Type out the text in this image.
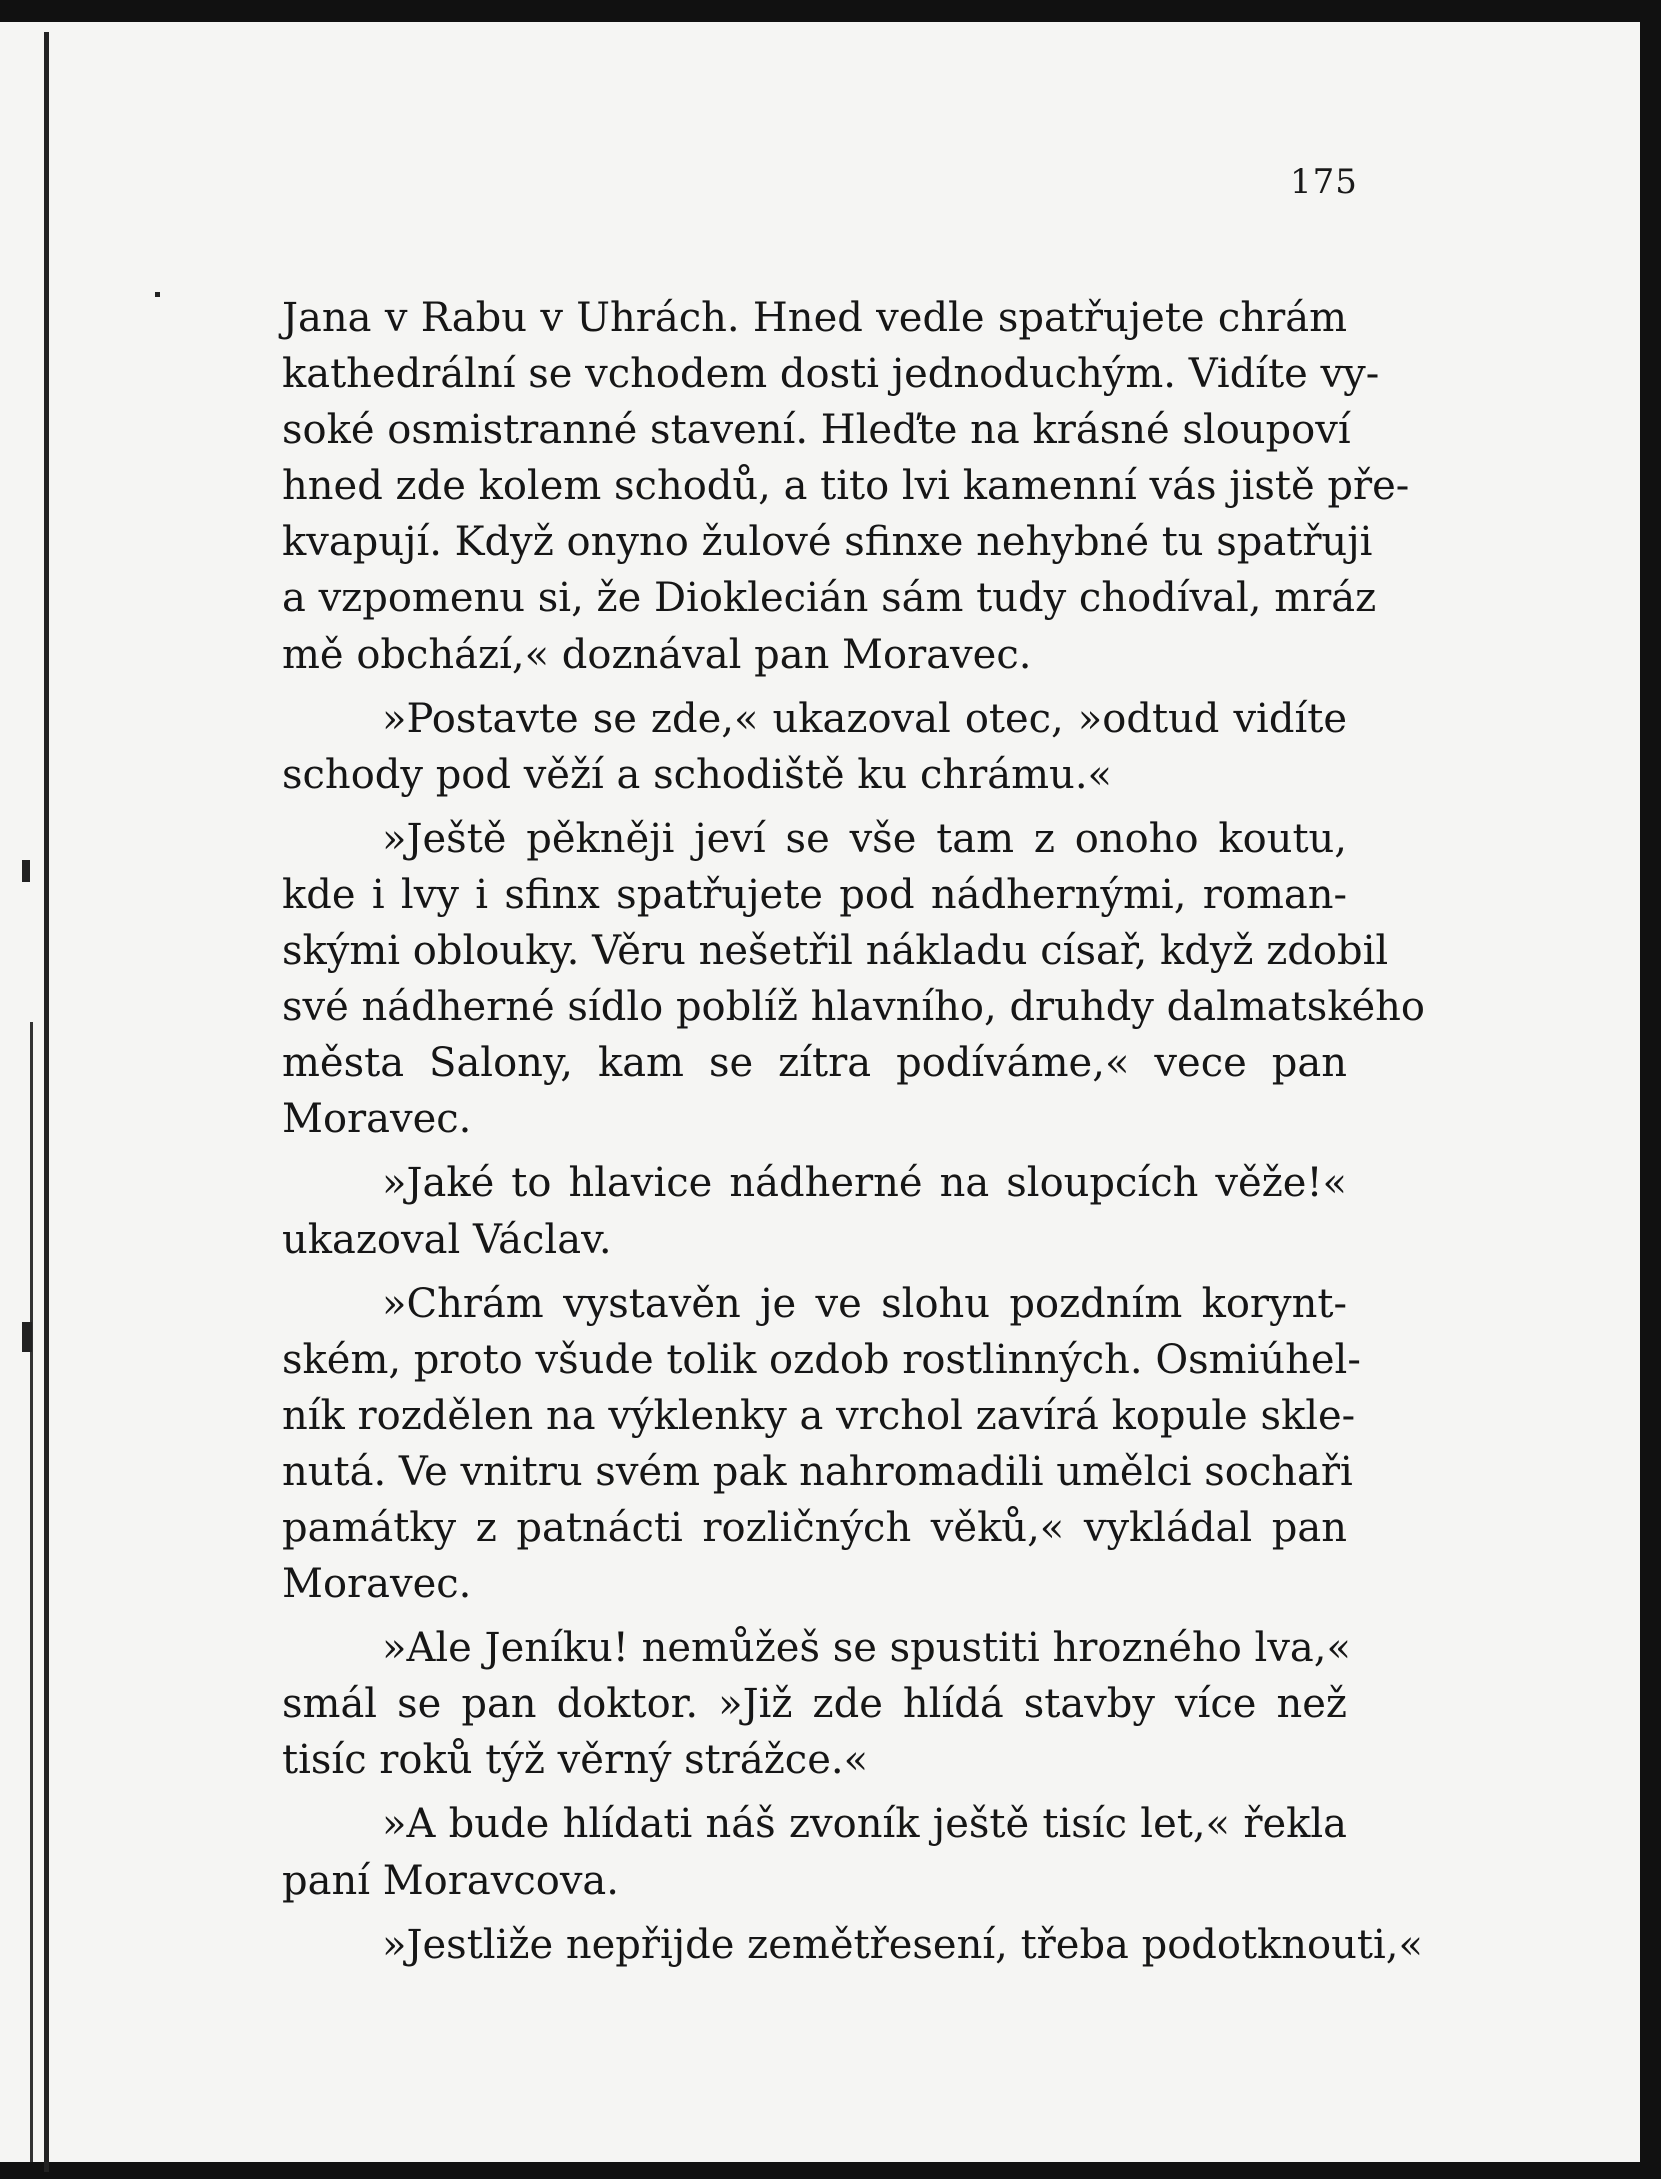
175
Jana v Rabu v Uhrách. Hned vedle spatřujete chrám
kathedrální se vchodem dosti jednoduchým. Vidíte vy-
soké osmistranné stavení. Hleďte na krásné sloupoví
hned zde kolem schodů, a tito lvi kamenní vás jistě pře-
kvapují. Když onyno žulové sfinxe nehybné tu spatřuji
a vzpomenu si, že Dioklecián sám tudy chodíval, mráz
mě obchází,« doznával pan Moravec.
»Postavte se zde,« ukazoval otec, »odtud vidíte
schody pod věží a schodiště ku chrámu.«
»Ještě pěkněji jeví se vše tam z onoho koutu,
kde i lvy i sfinx spatřujete pod nádhernými, roman-
skými oblouky. Věru nešetřil nákladu císař, když zdobil
své nádherné sídlo poblíž hlavního, druhdy dalmatského
města Salony, kam se zítra podíváme,« vece pan
Moravec.
»Jaké to hlavice nádherné na sloupcích věže!«
ukazoval Václav.
»Chrám vystavěn je ve slohu pozdním korynt-
ském, proto všude tolik ozdob rostlinných. Osmiúhel-
ník rozdělen na výklenky a vrchol zavírá kopule skle-
nutá. Ve vnitru svém pak nahromadili umělci sochaři
památky z patnácti rozličných věků,« vykládal pan
Moravec.
»Ale Jeníku! nemůžeš se spustiti hrozného lva,«
smál se pan doktor. »Již zde hlídá stavby více než
tisíc roků týž věrný strážce.«
»A bude hlídati náš zvoník ještě tisíc let,« řekla
paní Moravcova.
»Jestliže nepřijde zemětřesení, třeba podotknouti,«
